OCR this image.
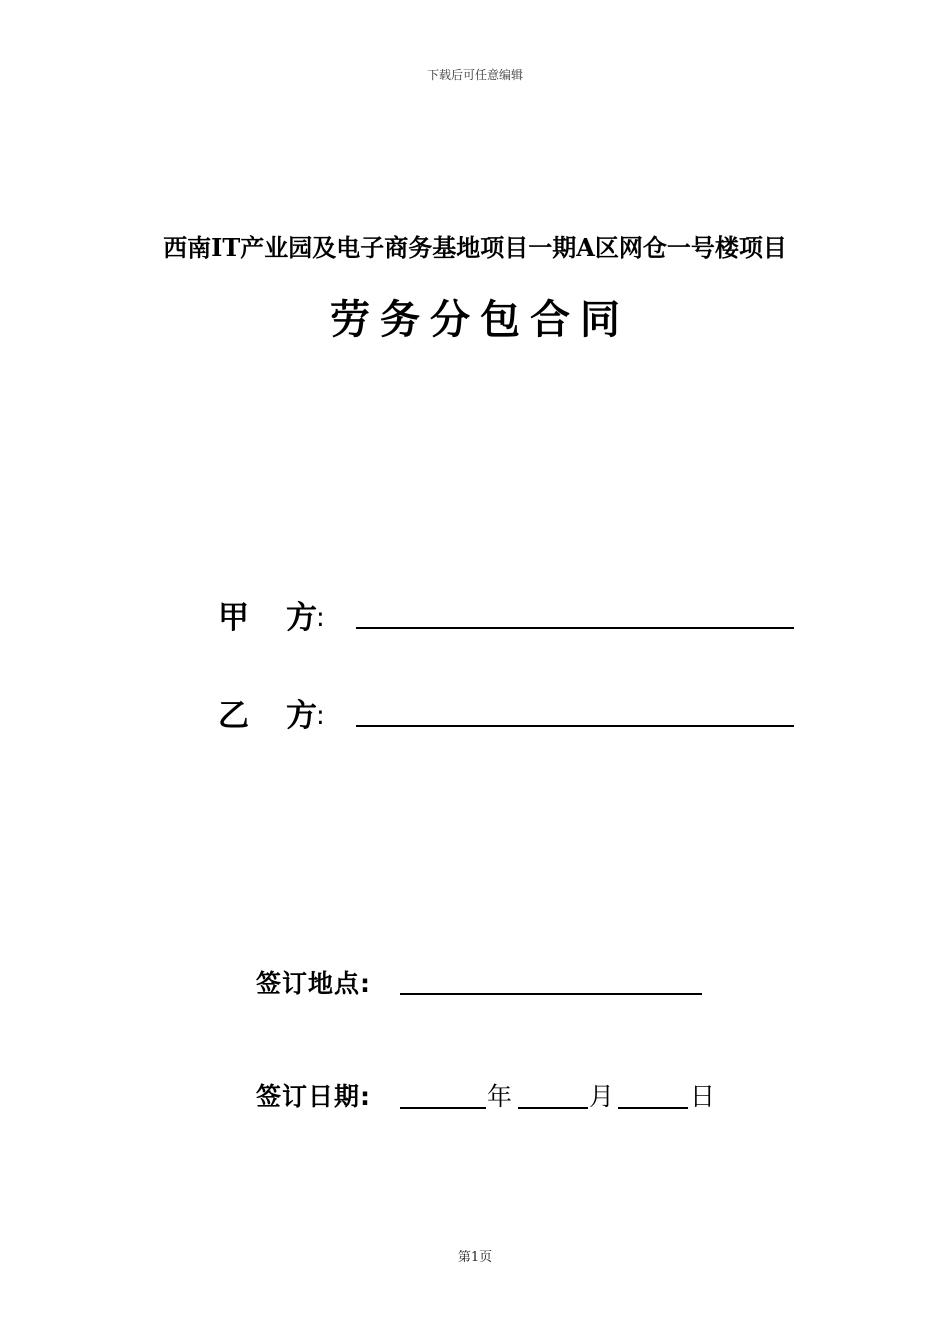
下载后可任意编辑
西南IT产业园及电子商务基地项目一期A区网仓一号楼项目
劳务分包合同
甲 方 :
乙 方 :
签订地点:
签订日期:	年	月	日
第1页
